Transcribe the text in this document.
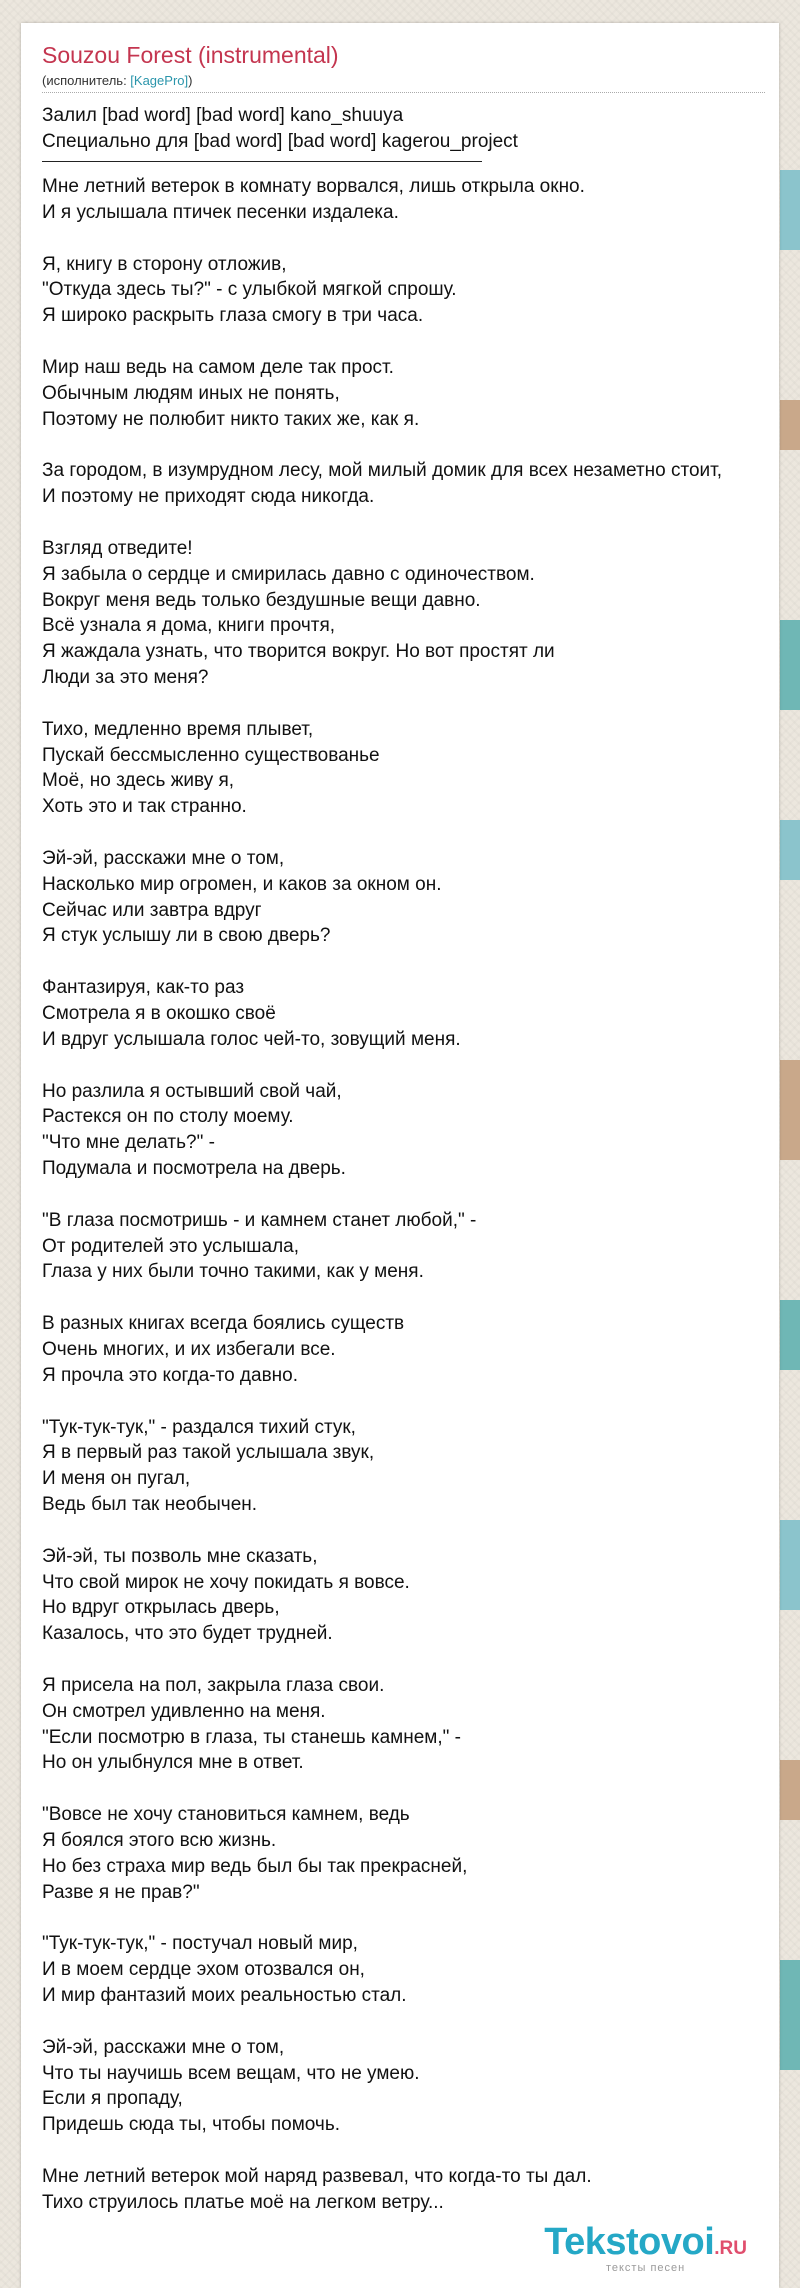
Souzou Forest (instrumental)
(исполнитель: [KagePro])
Залил [bad word] [bad word] kano_shuuya
Специально для [bad word] [bad word] kagerou_project
Мне летний ветерок в комнату ворвался, лишь открыла окно.
И я услышала птичек песенки издалека.
Я, книгу в сторону отложив,
"Откуда здесь ты?" - с улыбкой мягкой спрошу.
Я широко раскрыть глаза смогу в три часа.
Мир наш ведь на самом деле так прост.
Обычным людям иных не понять,
Поэтому не полюбит никто таких же, как я.
За городом, в изумрудном лесу, мой милый домик для всех незаметно стоит,
И поэтому не приходят сюда никогда.
Взгляд отведите!
Я забыла о сердце и смирилась давно с одиночеством.
Вокруг меня ведь только бездушные вещи давно.
Всё узнала я дома, книги прочтя,
Я жаждала узнать, что творится вокруг. Но вот простят ли
Люди за это меня?
Тихо, медленно время плывет,
Пускай бессмысленно существованье
Моё, но здесь живу я,
Хоть это и так странно.
Эй-эй, расскажи мне о том,
Насколько мир огромен, и каков за окном он.
Сейчас или завтра вдруг
Я стук услышу ли в свою дверь?
Фантазируя, как-то раз
Смотрела я в окошко своё
И вдруг услышала голос чей-то, зовущий меня.
Но разлила я остывший свой чай,
Растекся он по столу моему.
"Что мне делать?" -
Подумала и посмотрела на дверь.
"В глаза посмотришь - и камнем станет любой," -
От родителей это услышала,
Глаза у них были точно такими, как у меня.
В разных книгах всегда боялись существ
Очень многих, и их избегали все.
Я прочла это когда-то давно.
"Тук-тук-тук," - раздался тихий стук,
Я в первый раз такой услышала звук,
И меня он пугал,
Ведь был так необычен.
Эй-эй, ты позволь мне сказать,
Что свой мирок не хочу покидать я вовсе.
Но вдруг открылась дверь,
Казалось, что это будет трудней.
Я присела на пол, закрыла глаза свои.
Он смотрел удивленно на меня.
"Если посмотрю в глаза, ты станешь камнем," -
Но он улыбнулся мне в ответ.
"Вовсе не хочу становиться камнем, ведь
Я боялся этого всю жизнь.
Но без страха мир ведь был бы так прекрасней,
Разве я не прав?"
"Тук-тук-тук," - постучал новый мир,
И в моем сердце эхом отозвался он,
И мир фантазий моих реальностью стал.
Эй-эй, расскажи мне о том,
Что ты научишь всем вещам, что не умею.
Если я пропаду,
Придешь сюда ты, чтобы помочь.
Мне летний ветерок мой наряд развевал, что когда-то ты дал.
Тихо струилось платье моё на легком ветру...
Tekstovoi.RU
тексты песен
